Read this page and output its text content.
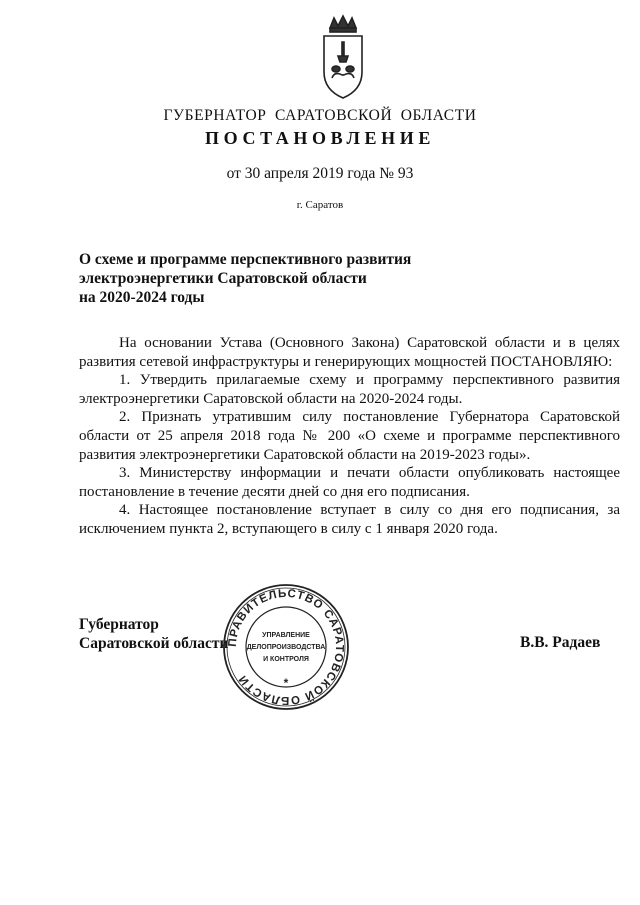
ГУБЕРНАТОР САРАТОВСКОЙ ОБЛАСТИ
ПОСТАНОВЛЕНИЕ
от 30 апреля 2019 года № 93
г. Саратов
О схеме и программе перспективного развития
электроэнергетики Саратовской области
на 2020-2024 годы

На основании Устава (Основного Закона) Саратовской области и в целях развития сетевой инфраструктуры и генерирующих мощностей ПОСТАНОВЛЯЮ:

1. Утвердить прилагаемые схему и программу перспективного развития электроэнергетики Саратовской области на 2020-2024 годы.

2. Признать утратившим силу постановление Губернатора Саратовской области от 25 апреля 2018 года № 200 «О схеме и программе перспективного развития электроэнергетики Саратовской области на 2019-2023 годы».

3. Министерству информации и печати области опубликовать настоящее постановление в течение десяти дней со дня его подписания.

4. Настоящее постановление вступает в силу со дня его подписания, за исключением пункта 2, вступающего в силу с 1 января 2020 года.

Губернатор
Саратовской области	В.В. Радаев
ПРАВИТЕЛЬСТВО САРАТОВСКОЙ ОБЛАСТИ
УПРАВЛЕНИЕ
ДЕЛОПРОИЗВОДСТВА
И КОНТРОЛЯ
*
